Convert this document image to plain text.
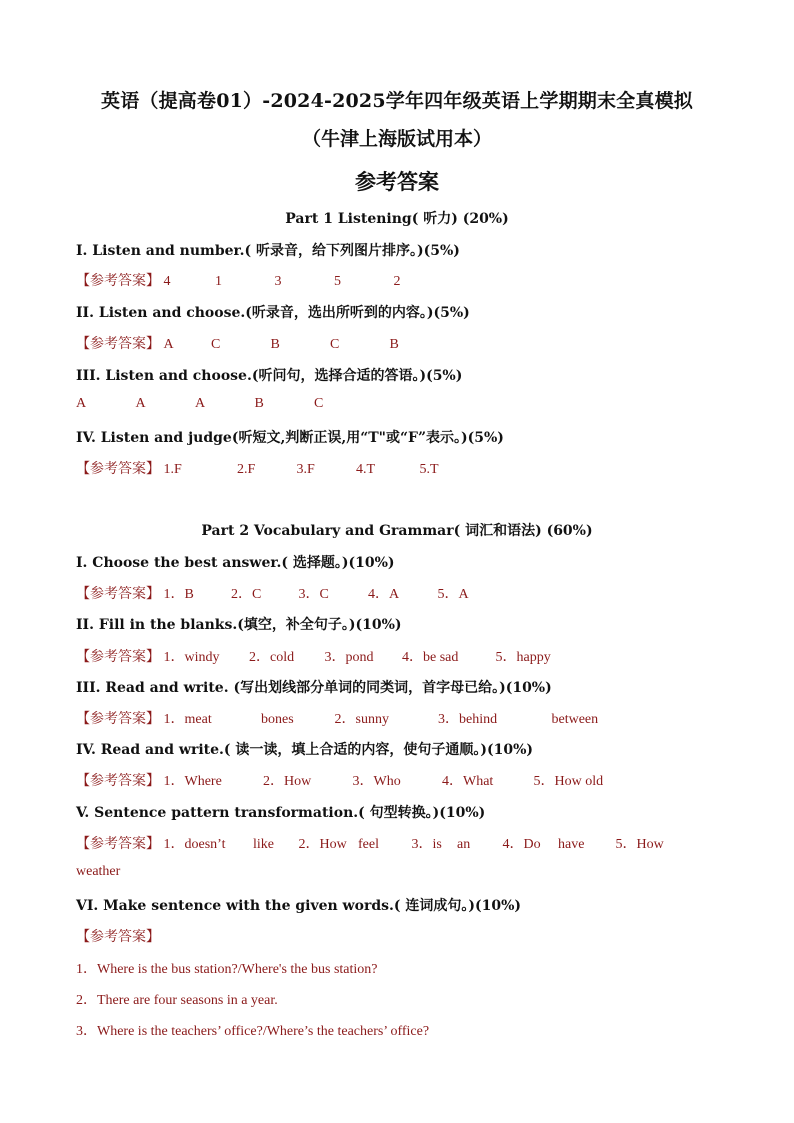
英语（提高卷01）-2024-2025学年四年级英语上学期期末全真模拟
（牛津上海版试用本）
参考答案
Part 1 Listening( 听力) (20%)
I. Listen and number.( 听录音，给下列图片排序。)(5%)
【参考答案】 4	1	3	5	2
II. Listen and choose.(听录音，选出所听到的内容。)(5%)
【参考答案】 A	C	B	C	B
III. Listen and choose.(听问句，选择合适的答语。)(5%)
A	A	A	B	C
IV. Listen and judge(听短文,判断正误,用“T"或“F”表示。)(5%)
【参考答案】 1.F	2.F	3.F	4.T	5.T
Part 2 Vocabulary and Grammar( 词汇和语法) (60%)
I. Choose the best answer.( 选择题。)(10%)
【参考答案】 1．B	2．C	3．C	4．A	5．A
II. Fill in the blanks.(填空，补全句子。)(10%)
【参考答案】 1．windy 2．cold 3．pond 4．be sad	5．happy
III. Read and write. (写出划线部分单词的同类词，首字母已给。)(10%)
【参考答案】 1．meat	bones	2．sunny	3．behind	between
IV. Read and write.( 读一读，填上合适的内容，使句子通顺。)(10%)
【参考答案】 1．Where	2．How	3．Who	4．What	5．How old
V. Sentence pattern transformation.( 句型转换。)(10%)
【参考答案】 1．doesn’t like 2．How feel 3．is an 4．Do have 5．How
weather
VI. Make sentence with the given words.( 连词成句。)(10%)
【参考答案】
1．Where is the bus station?/Where's the bus station?
2．There are four seasons in a year.
3．Where is the teachers’ office?/Where’s the teachers’ office?
